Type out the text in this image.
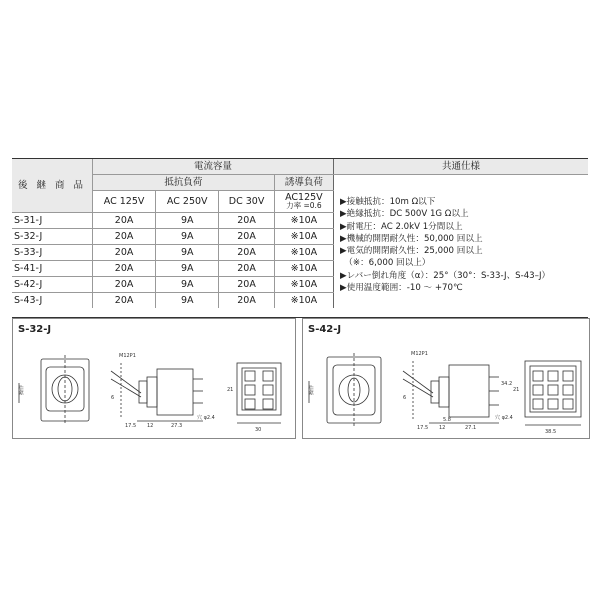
後 継 商 品	電流容量			
	抵抗負荷			誘導負荷
	AC 125V	AC 250V	DC 30V	AC125V
力率 =0.6

S-31-J	20A	9A	20A	※10A
S-32-J	20A	9A	20A	※10A
S-33-J	20A	9A	20A	※10A
S-41-J	20A	9A	20A	※10A
S-42-J	20A	9A	20A	※10A
S-43-J	20A	9A	20A	※10A
共通仕様
▶接触抵抗：10m Ω以下
▶絶縁抵抗：DC 500V 1G Ω以上
▶耐電圧：AC 2.0kV 1分間以上
▶機械的開閉耐久性：50,000 回以上
▶電気的開閉耐久性：25,000 回以上
　（※：6,000 回以上）
▶レバー倒れ角度（α）：25°（30°：S-33-J、S-43–J）
▶使用温度範囲：-10 〜 +70℃
S-32-J
操作
M12P1
17.5 12	27.3
穴 φ2.4
30
21
6
S-42-J
操作
M12P1
17.5 12	27.1
穴 φ2.4
38.5
21
6
5.8
34.2
